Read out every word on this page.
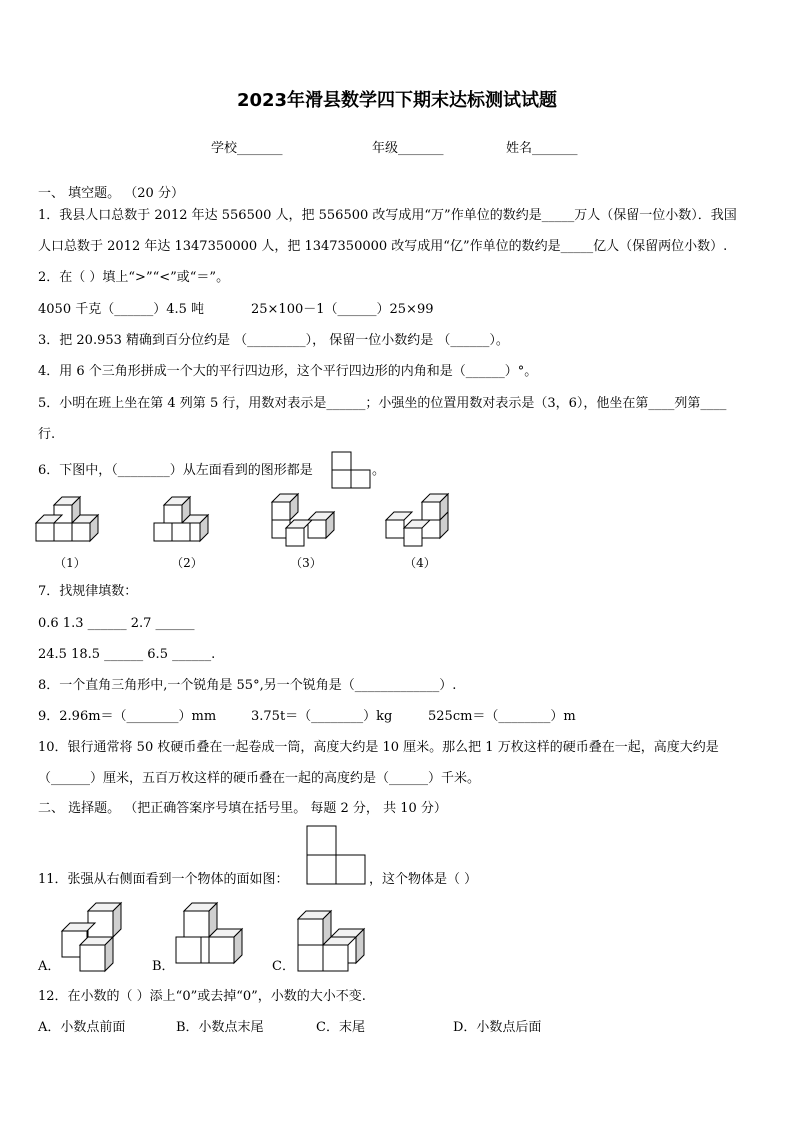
2023年滑县数学四下期末达标测试试题
学校_______	年级_______	姓名_______
一、 填空题。 （20 分）
1．我县人口总数于 2012 年达 556500 人，把 556500 改写成用“万”作单位的数约是_____万人（保留一位小数）．我国
人口总数于 2012 年达 1347350000 人，把 1347350000 改写成用“亿”作单位的数约是_____亿人（保留两位小数）.
2．在（ ）填上“>”“<”或“＝”。
4050 千克（______）4.5 吨	25×100－1（______）25×99
3．把 20.953 精确到百分位约是 （_________）， 保留一位小数约是 （______）。
4．用 6 个三角形拼成一个大的平行四边形，这个平行四边形的内角和是（______）°。
5．小明在班上坐在第 4 列第 5 行，用数对表示是______；小强坐的位置用数对表示是（3，6），他坐在第____列第____
行.
6．下图中，（________）从左面看到的图形都是	。
（1）	（2）	（3）	（4）
7．找规律填数：
0.6 1.3 ______ 2.7 ______
24.5 18.5 ______ 6.5 ______.
8．一个直角三角形中,一个锐角是 55°,另一个锐角是（_____________）.
9．2.96m＝（________）mm	3.75t＝（________）kg	525cm＝（________）m
10．银行通常将 50 枚硬币叠在一起卷成一筒，高度大约是 10 厘米。那么把 1 万枚这样的硬币叠在一起，高度大约是
（______）厘米，五百万枚这样的硬币叠在一起的高度约是（______）千米。
二、 选择题。 （把正确答案序号填在括号里。 每题 2 分， 共 10 分）
11．张强从右侧面看到一个物体的面如图：	，这个物体是（ ）
A．	B．	C．
12．在小数的（ ）添上“0”或去掉“0”，小数的大小不变.
A．小数点前面	B．小数点末尾	C．末尾	D．小数点后面
